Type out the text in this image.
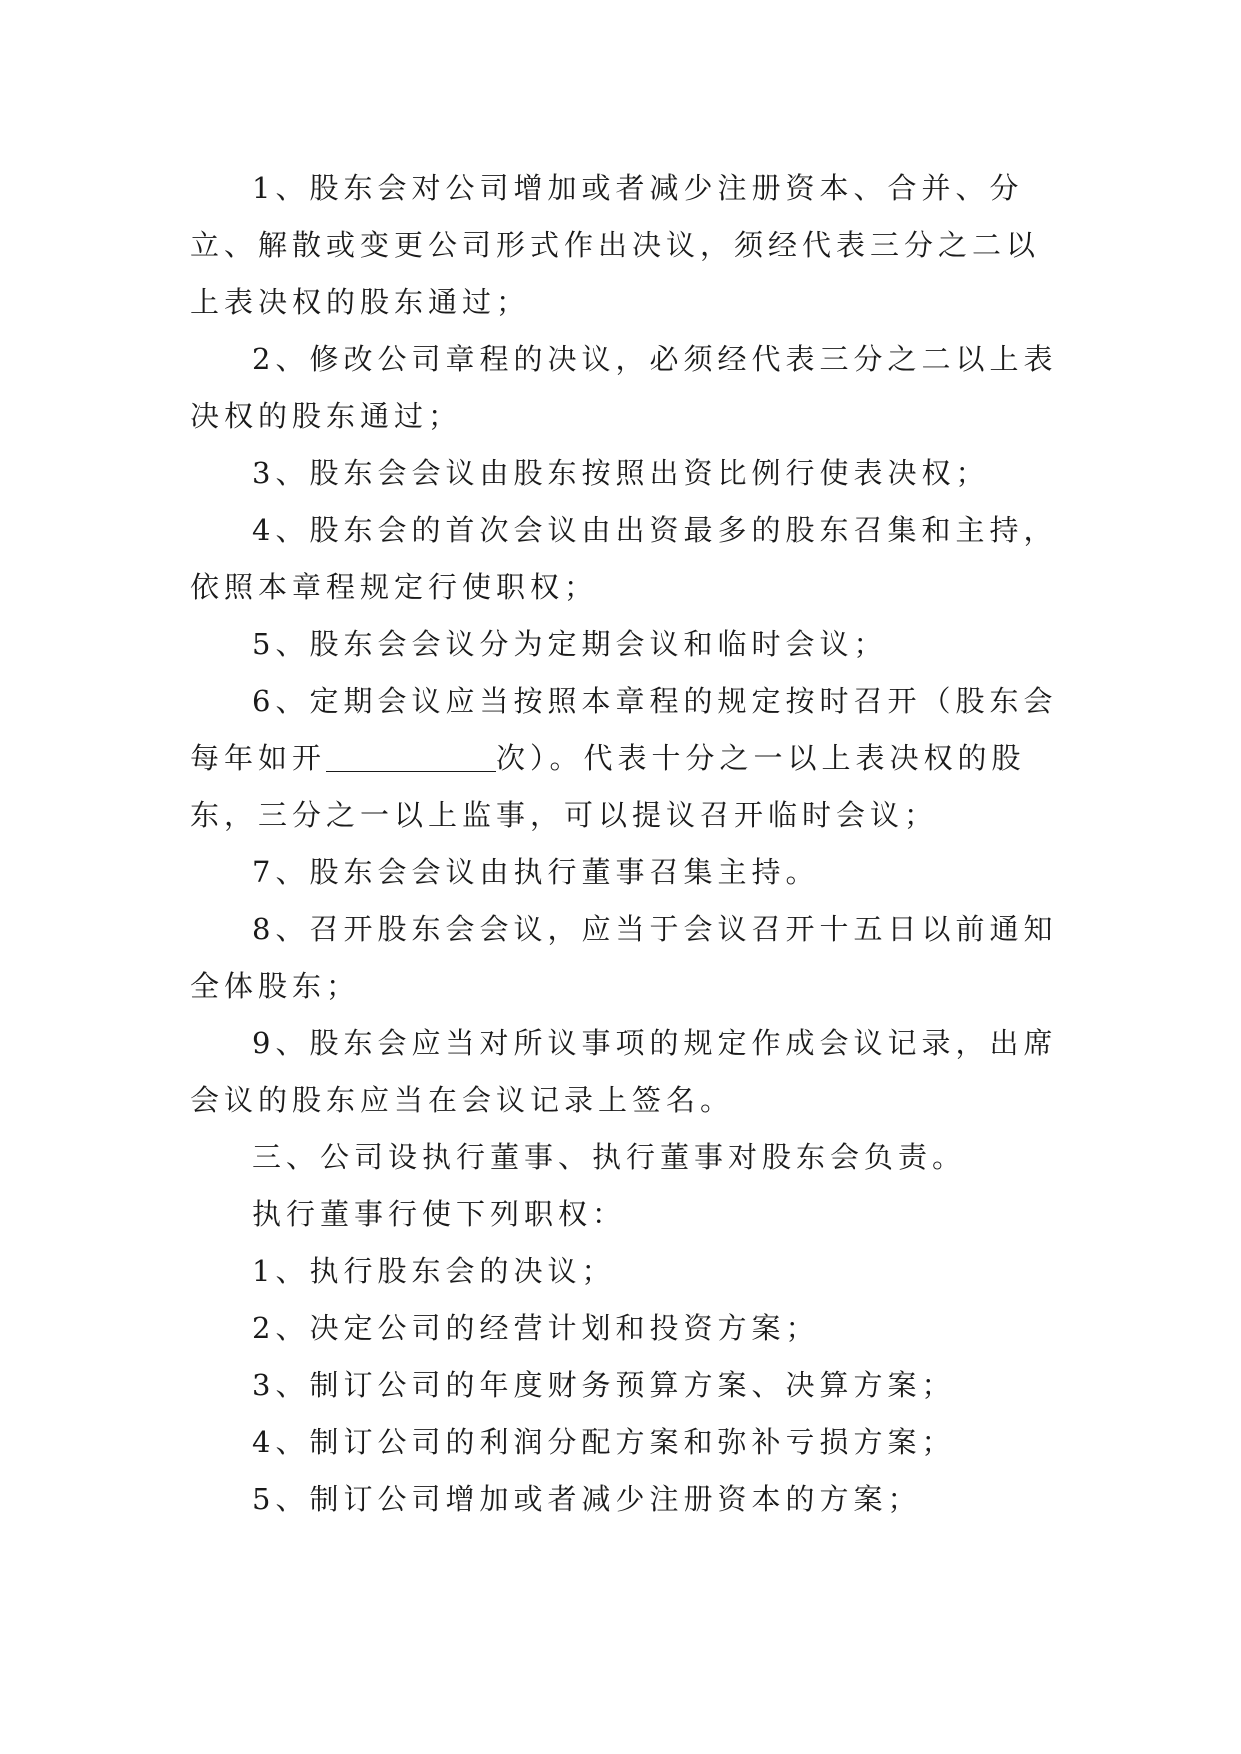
1、股东会对公司增加或者减少注册资本、合并、分立、解散或变更公司形式作出决议，须经代表三分之二以上表决权的股东通过；

2、修改公司章程的决议，必须经代表三分之二以上表决权的股东通过；

3、股东会会议由股东按照出资比例行使表决权；

4、股东会的首次会议由出资最多的股东召集和主持，依照本章程规定行使职权；

5、股东会会议分为定期会议和临时会议；

6、定期会议应当按照本章程的规定按时召开（股东会每年如开	次）。代表十分之一以上表决权的股东，三分之一以上监事，可以提议召开临时会议；

7、股东会会议由执行董事召集主持。

8、召开股东会会议，应当于会议召开十五日以前通知全体股东；

9、股东会应当对所议事项的规定作成会议记录，出席会议的股东应当在会议记录上签名。

三、公司设执行董事、执行董事对股东会负责。

执行董事行使下列职权：

1、执行股东会的决议；

2、决定公司的经营计划和投资方案；

3、制订公司的年度财务预算方案、决算方案；

4、制订公司的利润分配方案和弥补亏损方案；

5、制订公司增加或者减少注册资本的方案；
